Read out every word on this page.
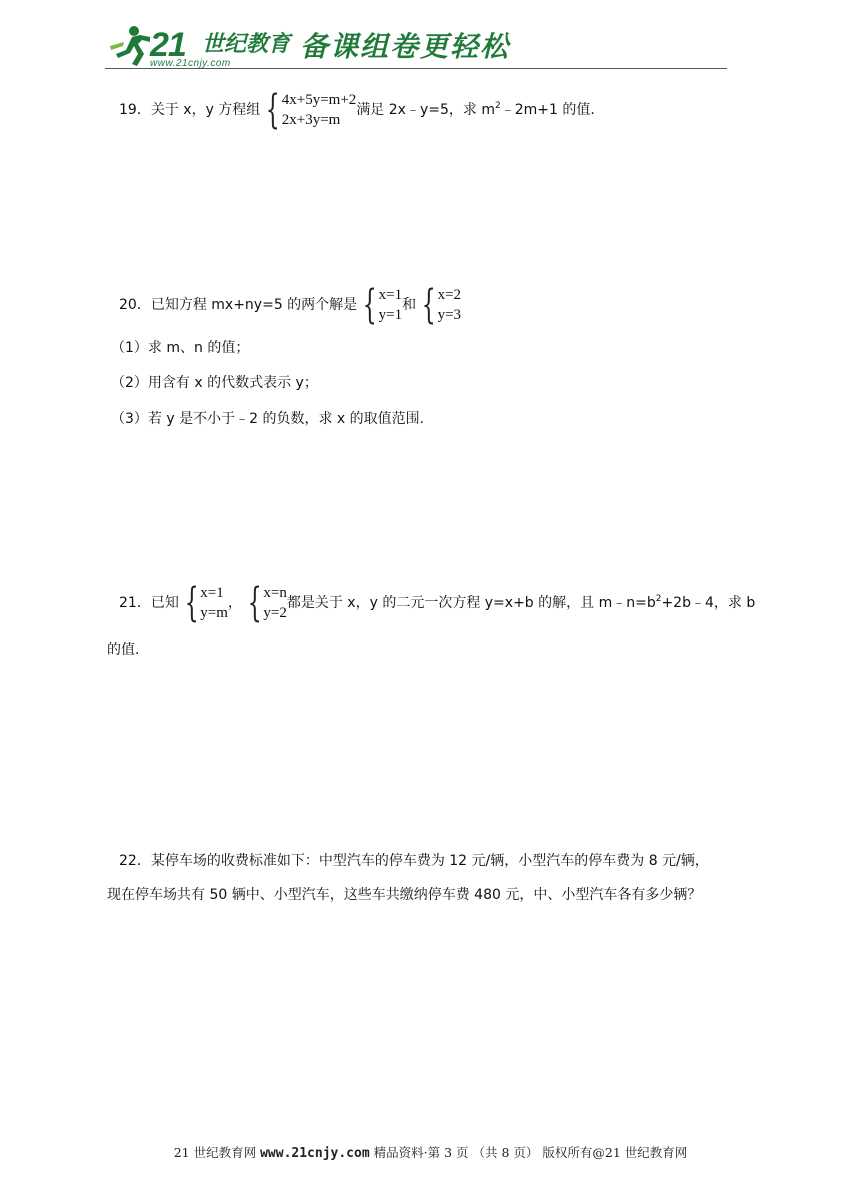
21 世纪教育
www.21cnjy.com
备课组卷更轻松
19．关于 x，y 方程组 { 4x+5y=m+2
2x+3y=m
满足 2x﹣y=5，求 $m^2﹣2m+1$ 的值.
20．已知方程 mx+ny=5 的两个解是 { x=1
y=1
和 { x=2
y=3
（1）求 m、n 的值；
（2）用含有 x 的代数式表示 y；
（3）若 y 是不小于﹣2 的负数，求 x 的取值范围.
21．已知 { x=1
y=m
， { x=n
y=2
都是关于 x，y 的二元一次方程 y=x+b 的解，且 $m﹣n=b^2+2b﹣4$，求 b
的值.
22．某停车场的收费标准如下：中型汽车的停车费为 12 元/辆，小型汽车的停车费为 8 元/辆，
现在停车场共有 50 辆中、小型汽车，这些车共缴纳停车费 480 元，中、小型汽车各有多少辆？
21 世纪教育网 www.21cnjy.com 精品资料·第 3 页 （共 8 页） 版权所有@21 世纪教育网
